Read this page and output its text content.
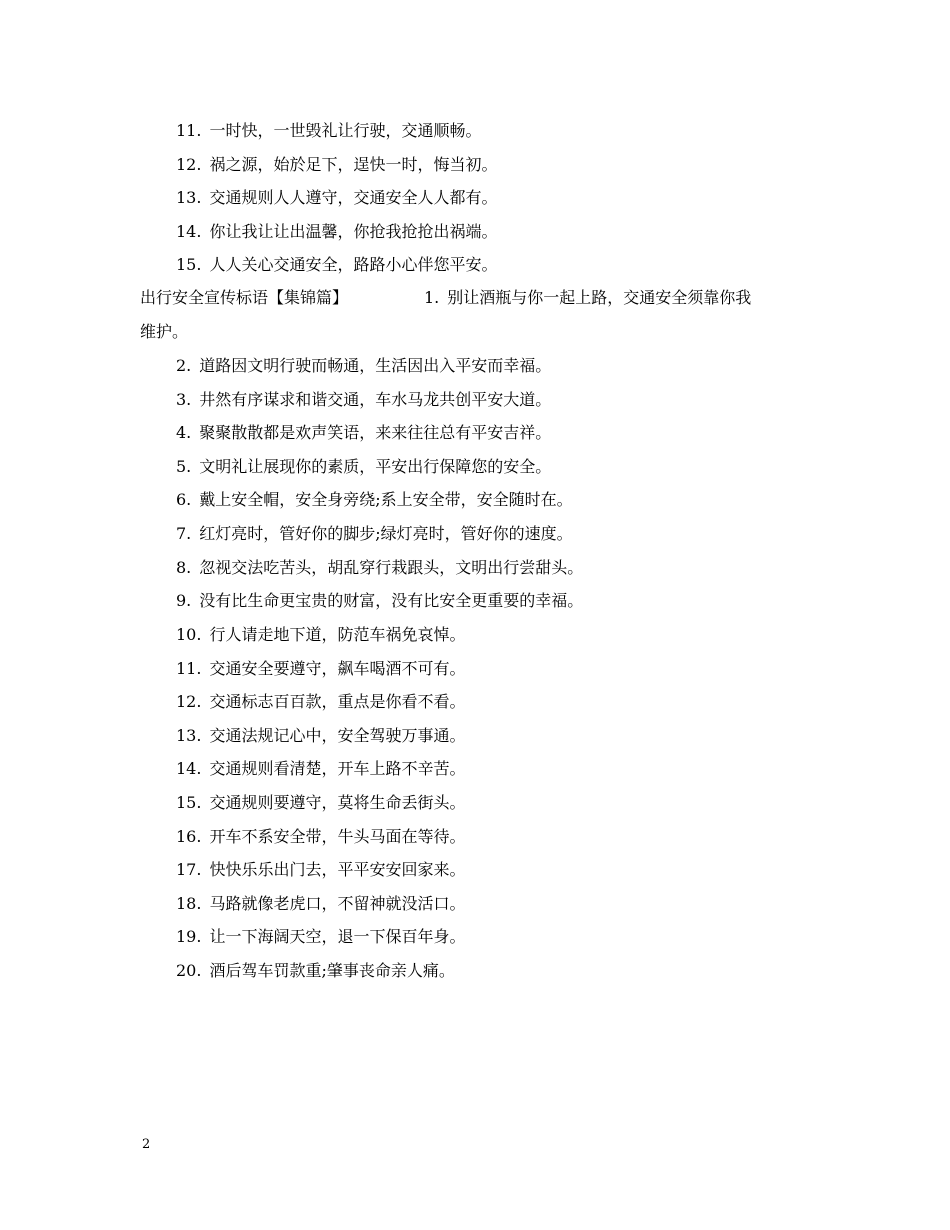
11. 一时快，一世毁礼让行驶，交通顺畅。
12. 祸之源，始於足下，逞快一时，悔当初。
13. 交通规则人人遵守，交通安全人人都有。
14. 你让我让让出温馨，你抢我抢抢出祸端。
15. 人人关心交通安全，路路小心伴您平安。
出行安全宣传标语【集锦篇】	1. 别让酒瓶与你一起上路，交通安全须靠你我
维护。
2. 道路因文明行驶而畅通，生活因出入平安而幸福。
3. 井然有序谋求和谐交通，车水马龙共创平安大道。
4. 聚聚散散都是欢声笑语，来来往往总有平安吉祥。
5. 文明礼让展现你的素质，平安出行保障您的安全。
6. 戴上安全帽，安全身旁绕;系上安全带，安全随时在。
7. 红灯亮时，管好你的脚步;绿灯亮时，管好你的速度。
8. 忽视交法吃苦头，胡乱穿行栽跟头，文明出行尝甜头。
9. 没有比生命更宝贵的财富，没有比安全更重要的幸福。
10. 行人请走地下道，防范车祸免哀悼。
11. 交通安全要遵守，飙车喝酒不可有。
12. 交通标志百百款，重点是你看不看。
13. 交通法规记心中，安全驾驶万事通。
14. 交通规则看清楚，开车上路不辛苦。
15. 交通规则要遵守，莫将生命丢街头。
16. 开车不系安全带，牛头马面在等待。
17. 快快乐乐出门去，平平安安回家来。
18. 马路就像老虎口，不留神就没活口。
19. 让一下海阔天空，退一下保百年身。
20. 酒后驾车罚款重;肇事丧命亲人痛。
2
